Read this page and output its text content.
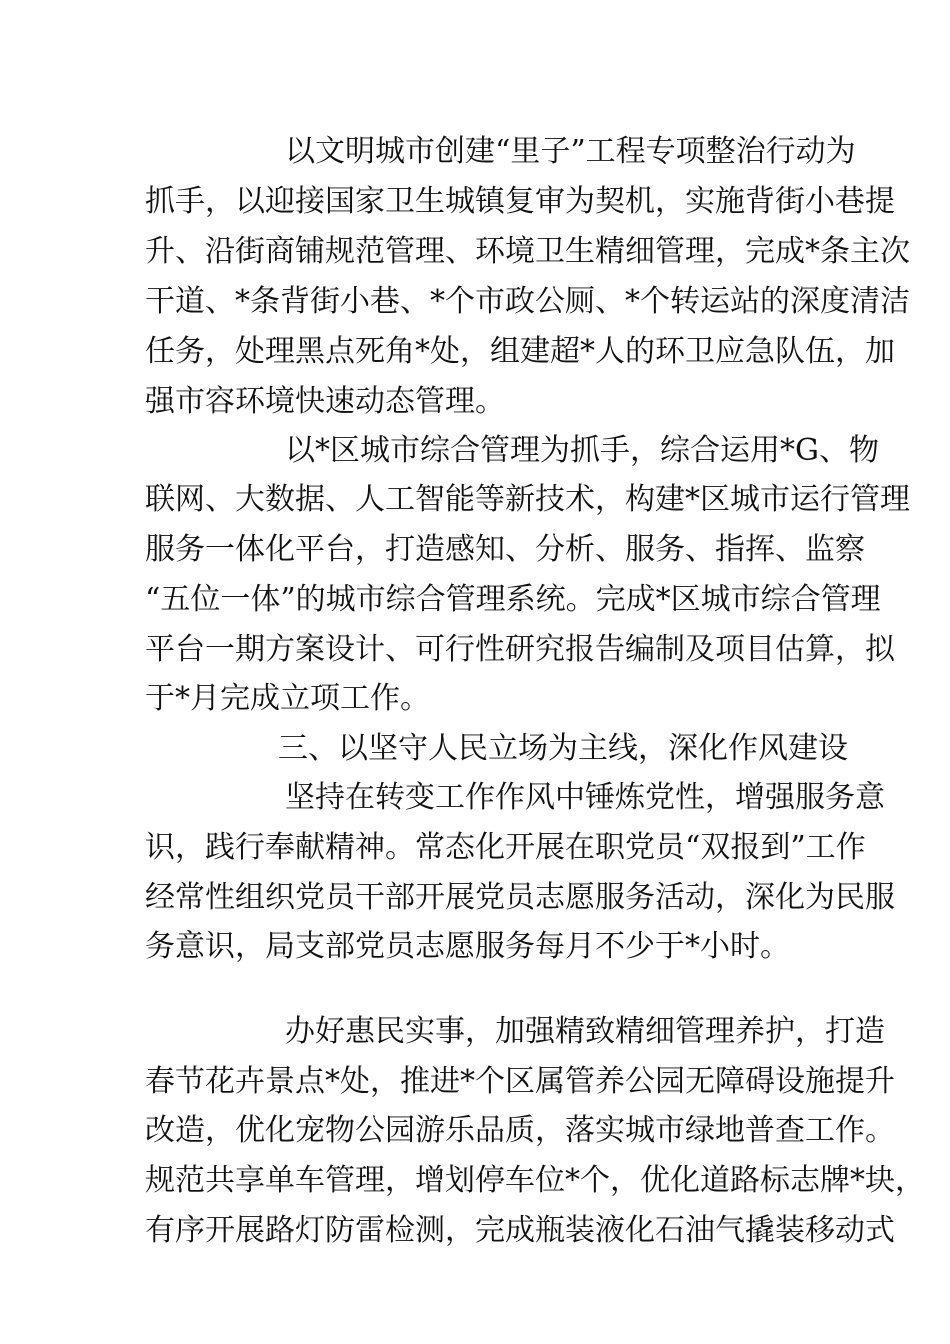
以文明城市创建“里子”工程专项整治行动为
抓手，以迎接国家卫生城镇复审为契机，实施背街小巷提
升、沿街商铺规范管理、环境卫生精细管理，完成*条主次
干道、*条背街小巷、*个市政公厕、*个转运站的深度清洁
任务，处理黑点死角*处，组建超*人的环卫应急队伍，加
强市容环境快速动态管理。
以*区城市综合管理为抓手，综合运用*G、物
联网、大数据、人工智能等新技术，构建*区城市运行管理
服务一体化平台，打造感知、分析、服务、指挥、监察
“五位一体”的城市综合管理系统。完成*区城市综合管理
平台一期方案设计、可行性研究报告编制及项目估算，拟
于*月完成立项工作。
三、以坚守人民立场为主线，深化作风建设
坚持在转变工作作风中锤炼党性，增强服务意
识，践行奉献精神。常态化开展在职党员“双报到”工作
经常性组织党员干部开展党员志愿服务活动，深化为民服
务意识，局支部党员志愿服务每月不少于*小时。
办好惠民实事，加强精致精细管理养护，打造
春节花卉景点*处，推进*个区属管养公园无障碍设施提升
改造，优化宠物公园游乐品质，落实城市绿地普查工作。
规范共享单车管理，增划停车位*个，优化道路标志牌*块，
有序开展路灯防雷检测，完成瓶装液化石油气撬装移动式
